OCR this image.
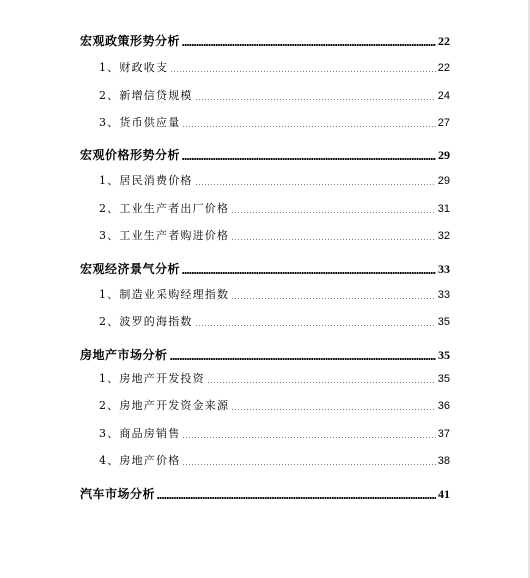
宏观政策形势分析	22
1、财政收支	22
2、新增信贷规模	24
3、货币供应量	27
宏观价格形势分析	29
1、居民消费价格	29
2、工业生产者出厂价格	31
3、工业生产者购进价格	32
宏观经济景气分析	33
1、制造业采购经理指数	33
2、波罗的海指数	35
房地产市场分析	35
1、房地产开发投资	35
2、房地产开发资金来源	36
3、商品房销售	37
4、房地产价格	38
汽车市场分析	41
